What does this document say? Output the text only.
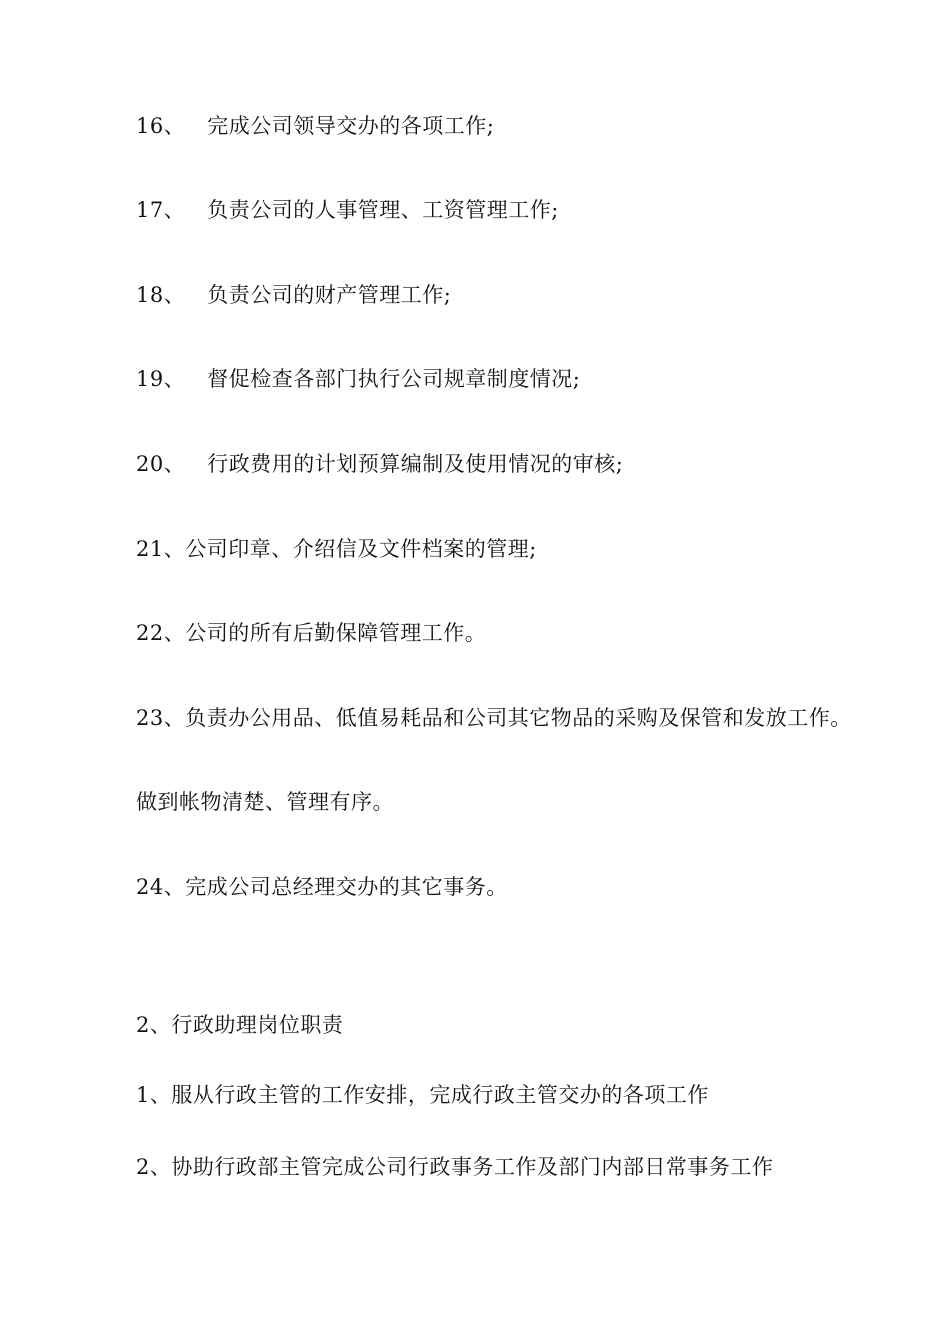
16、 完成公司领导交办的各项工作;
17、 负责公司的人事管理、工资管理工作;
18、 负责公司的财产管理工作;
19、 督促检查各部门执行公司规章制度情况;
20、 行政费用的计划预算编制及使用情况的审核;
21、公司印章、介绍信及文件档案的管理;
22、公司的所有后勤保障管理工作。
23、负责办公用品、低值易耗品和公司其它物品的采购及保管和发放工作。
做到帐物清楚、管理有序。
24、完成公司总经理交办的其它事务。
2、行政助理岗位职责
1、服从行政主管的工作安排，完成行政主管交办的各项工作
2、协助行政部主管完成公司行政事务工作及部门内部日常事务工作
